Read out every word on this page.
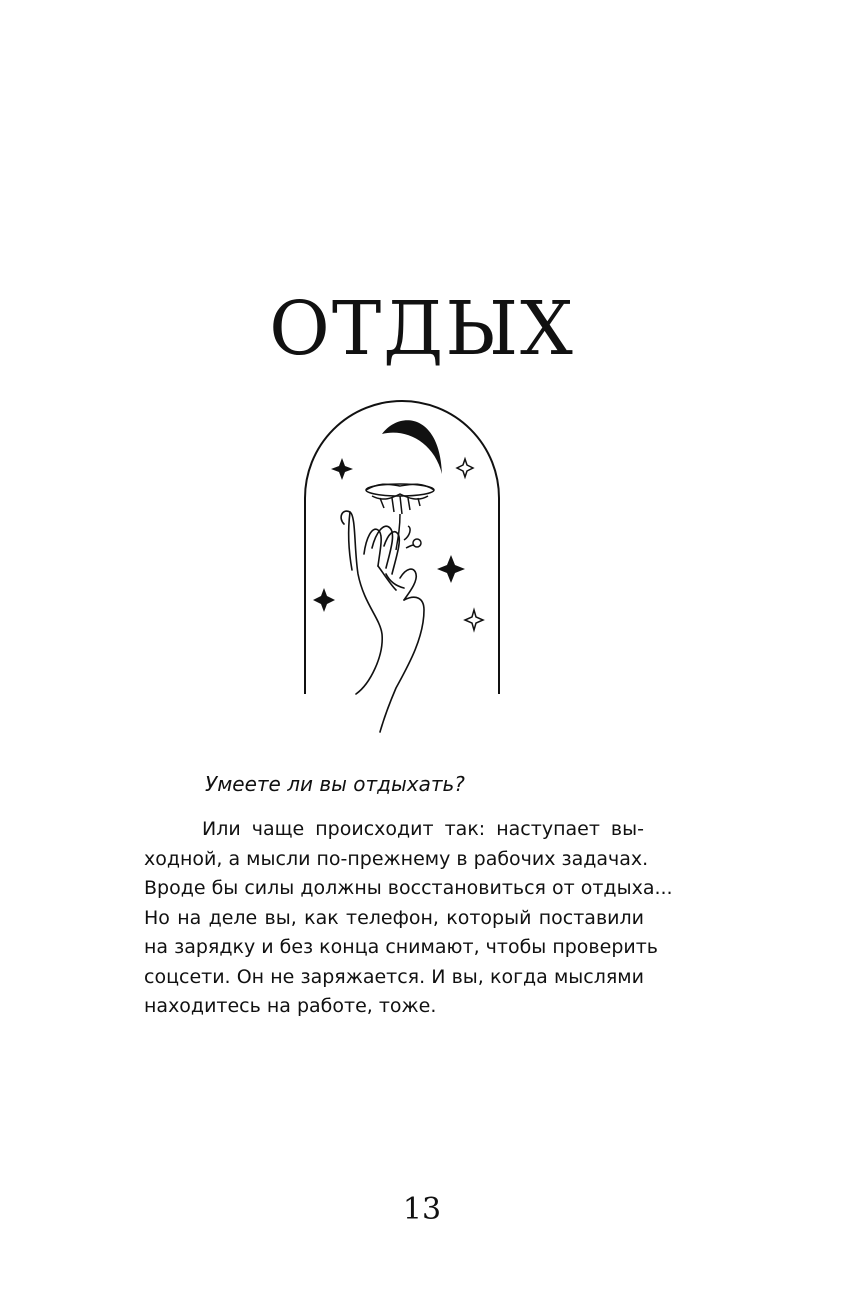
ОТДЫХ
Умеете ли вы отдыхать?
Или чаще происходит так: наступает вы-
ходной, а мысли по-прежнему в рабочих задачах.
Вроде бы силы должны восстановиться от отдыха...
Но на деле вы, как телефон, который поставили
на зарядку и без конца снимают, чтобы проверить
соцсети. Он не заряжается. И вы, когда мыслями
находитесь на работе, тоже.
13
